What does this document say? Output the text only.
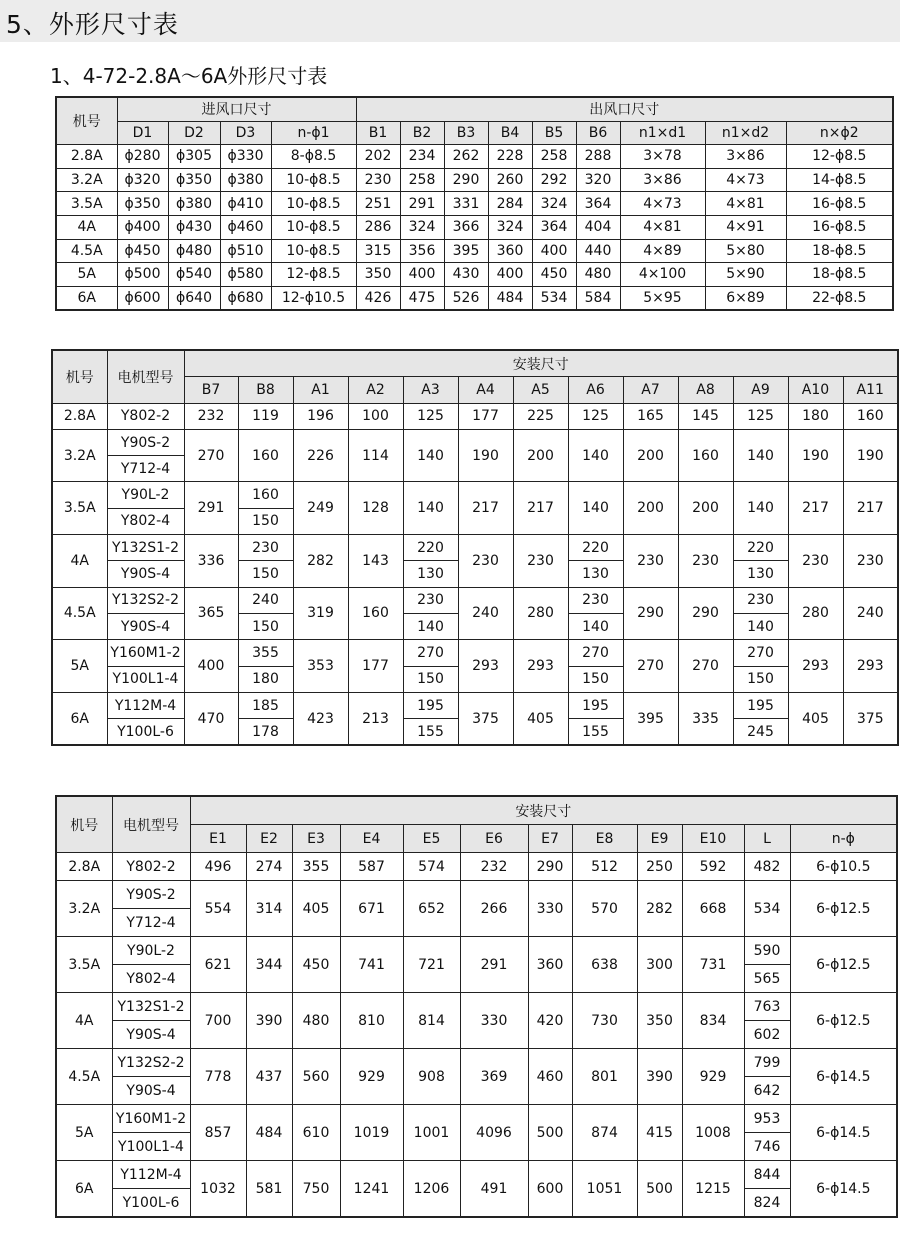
5、外形尺寸表
1、4-72-2.8A～6A外形尺寸表
机号	进风口尺寸				出风口尺寸								
	D1	D2	D3	n-ϕ1	B1	B2	B3	B4	B5	B6	n1×d1	n1×d2	n×ϕ2
2.8A	ϕ280	ϕ305	ϕ330	8-ϕ8.5	202	234	262	228	258	288	3×78	3×86	12-ϕ8.5
3.2A	ϕ320	ϕ350	ϕ380	10-ϕ8.5	230	258	290	260	292	320	3×86	4×73	14-ϕ8.5
3.5A	ϕ350	ϕ380	ϕ410	10-ϕ8.5	251	291	331	284	324	364	4×73	4×81	16-ϕ8.5
4A	ϕ400	ϕ430	ϕ460	10-ϕ8.5	286	324	366	324	364	404	4×81	4×91	16-ϕ8.5
4.5A	ϕ450	ϕ480	ϕ510	10-ϕ8.5	315	356	395	360	400	440	4×89	5×80	18-ϕ8.5
5A	ϕ500	ϕ540	ϕ580	12-ϕ8.5	350	400	430	400	450	480	4×100	5×90	18-ϕ8.5
6A	ϕ600	ϕ640	ϕ680	12-ϕ10.5	426	475	526	484	534	584	5×95	6×89	22-ϕ8.5
机号	电机型号	安装尺寸												
		B7	B8	A1	A2	A3	A4	A5	A6	A7	A8	A9	A10	A11
2.8A	Y802-2	232	119	196	100	125	177	225	125	165	145	125	180	160
3.2A	Y90S-2	270	160	226	114	140	190	200	140	200	160	140	190	190
	Y712-4													
3.5A	Y90L-2	291	160	249	128	140	217	217	140	200	200	140	217	217
	Y802-4		150											
4A	Y132S1-2	336	230	282	143	220	230	230	220	230	230	220	230	230
	Y90S-4		150			130			130			130		
4.5A	Y132S2-2	365	240	319	160	230	240	280	230	290	290	230	280	240
	Y90S-4		150			140			140			140		
5A	Y160M1-2	400	355	353	177	270	293	293	270	270	270	270	293	293
	Y100L1-4		180			150			150			150		
6A	Y112M-4	470	185	423	213	195	375	405	195	395	335	195	405	375
	Y100L-6		178			155			155			245		
机号	电机型号	安装尺寸											
		E1	E2	E3	E4	E5	E6	E7	E8	E9	E10	L	n-ϕ
2.8A	Y802-2	496	274	355	587	574	232	290	512	250	592	482	6-ϕ10.5
3.2A	Y90S-2	554	314	405	671	652	266	330	570	282	668	534	6-ϕ12.5
	Y712-4												
3.5A	Y90L-2	621	344	450	741	721	291	360	638	300	731	590	6-ϕ12.5
	Y802-4											565	
4A	Y132S1-2	700	390	480	810	814	330	420	730	350	834	763	6-ϕ12.5
	Y90S-4											602	
4.5A	Y132S2-2	778	437	560	929	908	369	460	801	390	929	799	6-ϕ14.5
	Y90S-4											642	
5A	Y160M1-2	857	484	610	1019	1001	4096	500	874	415	1008	953	6-ϕ14.5
	Y100L1-4											746	
6A	Y112M-4	1032	581	750	1241	1206	491	600	1051	500	1215	844	6-ϕ14.5
	Y100L-6											824	
